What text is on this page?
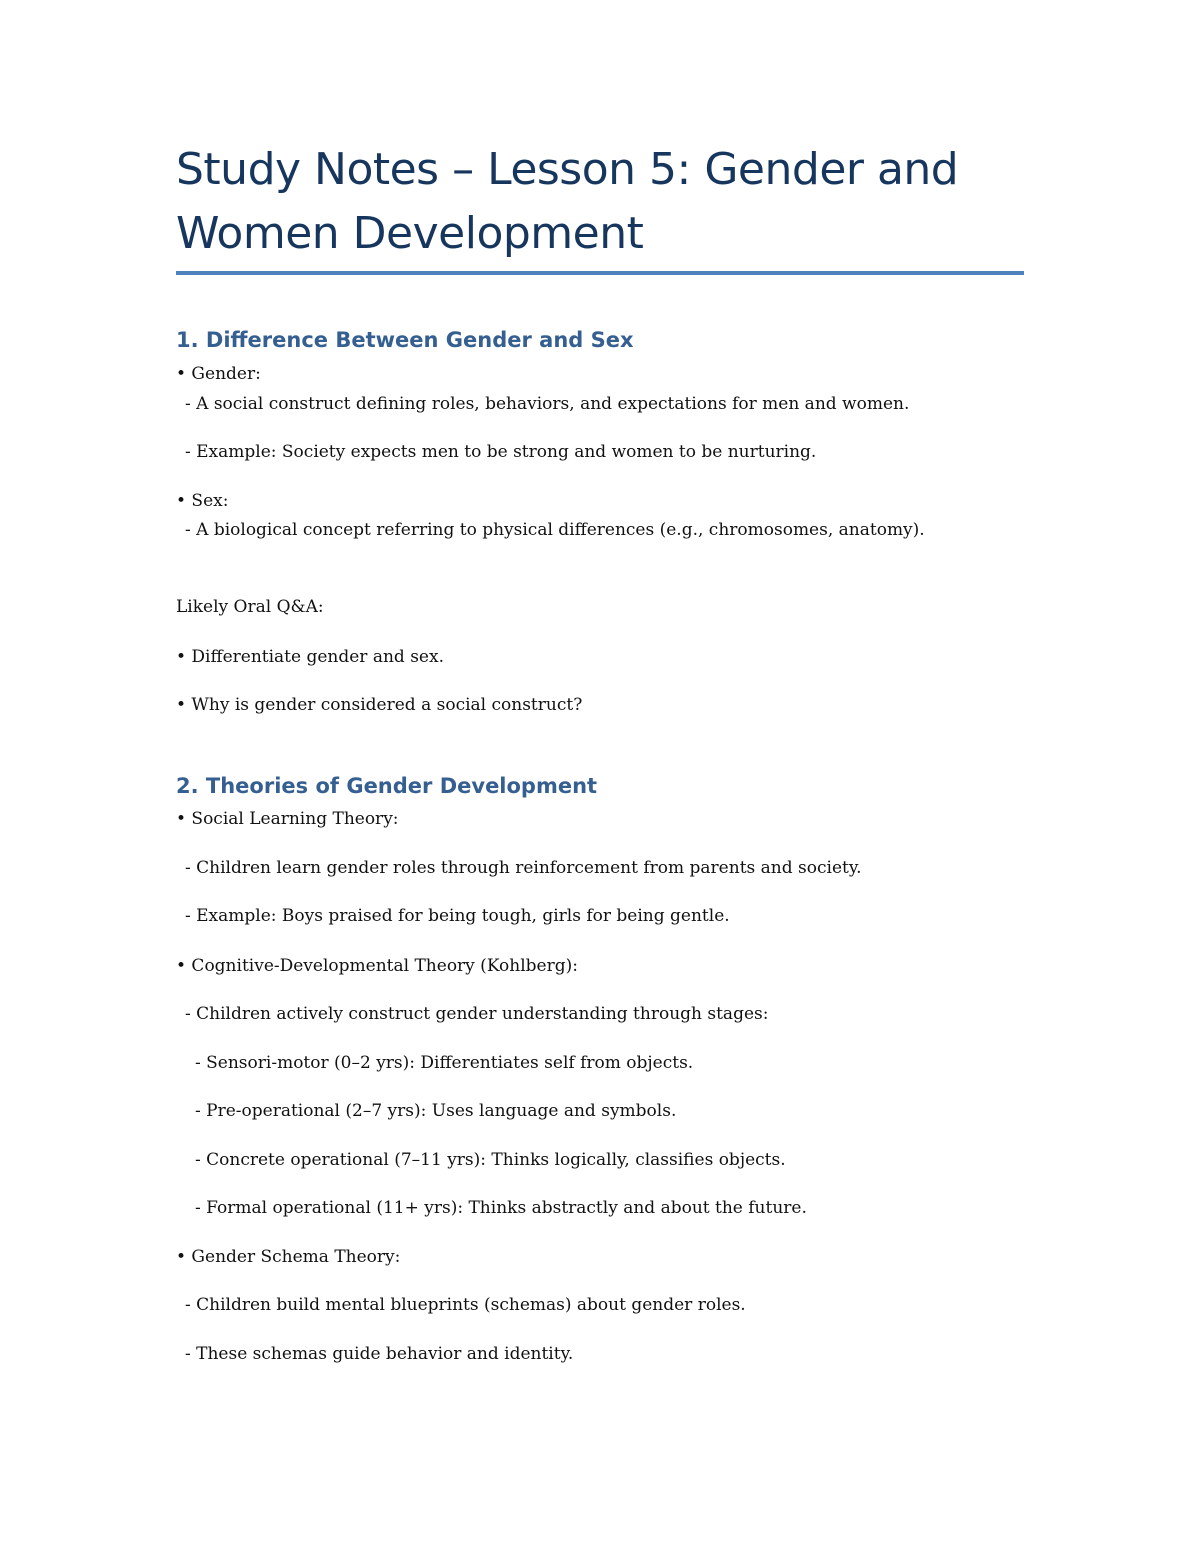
Study Notes – Lesson 5: Gender and Women Development
1. Difference Between Gender and Sex

• Gender:

- A social construct defining roles, behaviors, and expectations for men and women.

- Example: Society expects men to be strong and women to be nurturing.

• Sex:

- A biological concept referring to physical differences (e.g., chromosomes, anatomy).

Likely Oral Q&A:

• Differentiate gender and sex.

• Why is gender considered a social construct?

2. Theories of Gender Development

• Social Learning Theory:

- Children learn gender roles through reinforcement from parents and society.

- Example: Boys praised for being tough, girls for being gentle.

• Cognitive-Developmental Theory (Kohlberg):

- Children actively construct gender understanding through stages:

- Sensori-motor (0–2 yrs): Differentiates self from objects.

- Pre-operational (2–7 yrs): Uses language and symbols.

- Concrete operational (7–11 yrs): Thinks logically, classifies objects.

- Formal operational (11+ yrs): Thinks abstractly and about the future.

• Gender Schema Theory:

- Children build mental blueprints (schemas) about gender roles.

- These schemas guide behavior and identity.
